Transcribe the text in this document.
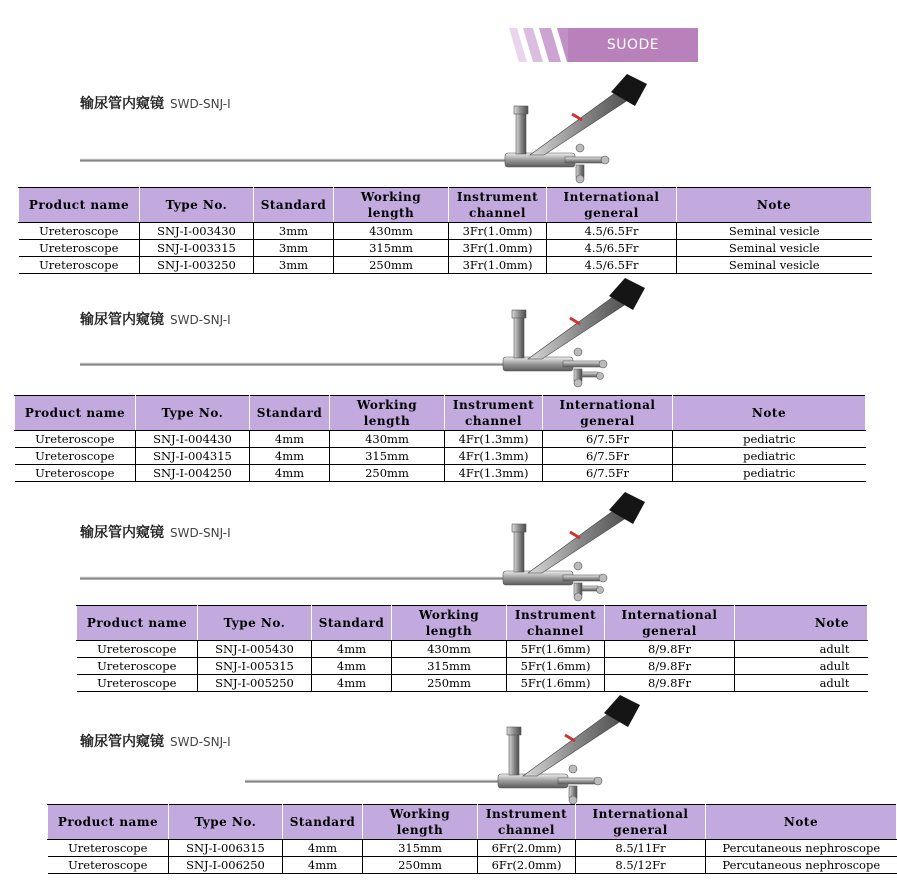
SUODE
输尿管内窥镜 SWD-SNJ-I
Product name	Type No.	Standard	Working length	Instrument channel	International general	Note
Ureteroscope	SNJ-I-003430	3mm	430mm	3Fr(1.0mm)	4.5/6.5Fr	Seminal vesicle
Ureteroscope	SNJ-I-003315	3mm	315mm	3Fr(1.0mm)	4.5/6.5Fr	Seminal vesicle
Ureteroscope	SNJ-I-003250	3mm	250mm	3Fr(1.0mm)	4.5/6.5Fr	Seminal vesicle
输尿管内窥镜 SWD-SNJ-I
Product name	Type No.	Standard	Working length	Instrument channel	International general	Note
Ureteroscope	SNJ-I-004430	4mm	430mm	4Fr(1.3mm)	6/7.5Fr	pediatric
Ureteroscope	SNJ-I-004315	4mm	315mm	4Fr(1.3mm)	6/7.5Fr	pediatric
Ureteroscope	SNJ-I-004250	4mm	250mm	4Fr(1.3mm)	6/7.5Fr	pediatric
输尿管内窥镜 SWD-SNJ-I
Product name	Type No.	Standard	Working length	Instrument channel	International general	Note
Ureteroscope	SNJ-I-005430	4mm	430mm	5Fr(1.6mm)	8/9.8Fr	adult
Ureteroscope	SNJ-I-005315	4mm	315mm	5Fr(1.6mm)	8/9.8Fr	adult
Ureteroscope	SNJ-I-005250	4mm	250mm	5Fr(1.6mm)	8/9.8Fr	adult
输尿管内窥镜 SWD-SNJ-I
Product name	Type No.	Standard	Working length	Instrument channel	International general	Note
Ureteroscope	SNJ-I-006315	4mm	315mm	6Fr(2.0mm)	8.5/11Fr	Percutaneous nephroscope
Ureteroscope	SNJ-I-006250	4mm	250mm	6Fr(2.0mm)	8.5/12Fr	Percutaneous nephroscope
